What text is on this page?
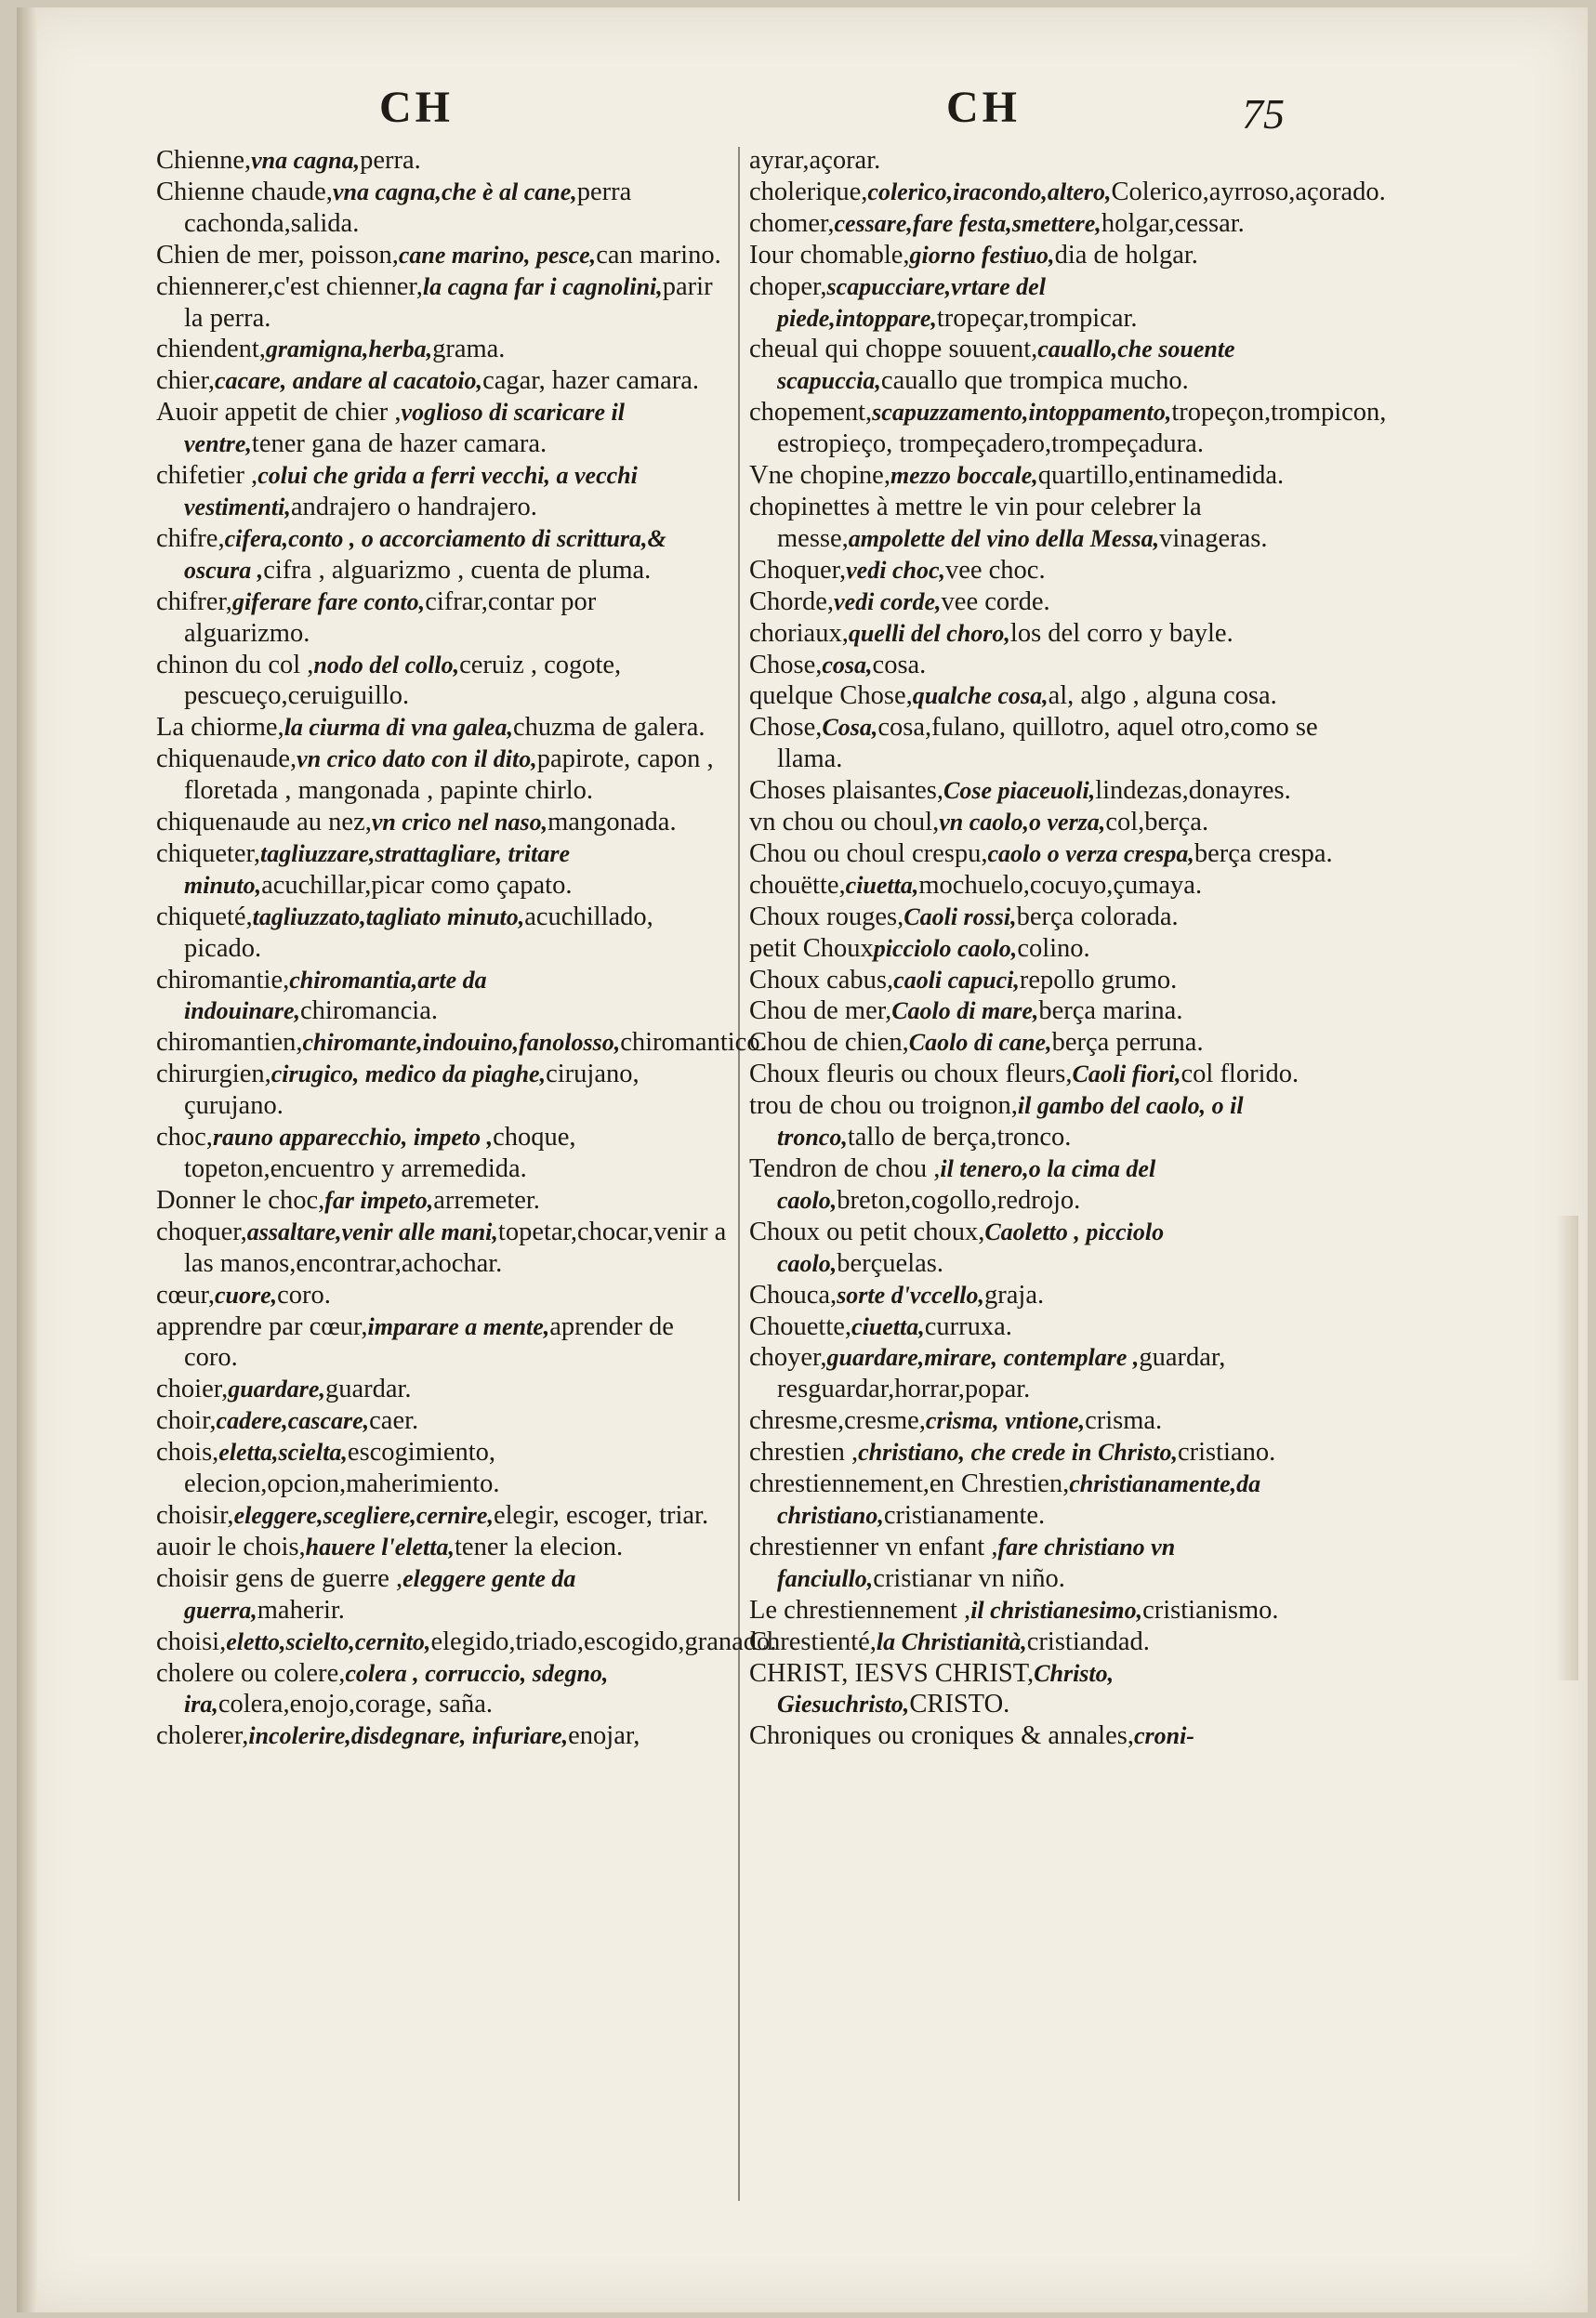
CH	CH	75
Chienne,vna cagna,perra.
Chienne chaude,vna cagna,che è al cane,perra cachonda,salida.
Chien de mer, poisson,cane marino, pesce,can marino.
chiennerer,c'est chienner,la cagna far i cagnolini,parir la perra.
chiendent,gramigna,herba,grama.
chier,cacare, andare al cacatoio,cagar, hazer camara.
Auoir appetit de chier ,voglioso di scaricare il ventre,tener gana de hazer camara.
chifetier ,colui che grida a ferri vecchi, a vecchi vestimenti,andrajero o handrajero.
chifre,cifera,conto , o accorciamento di scrittura,& oscura ,cifra , alguarizmo , cuenta de pluma.
chifrer,giferare fare conto,cifrar,contar por alguarizmo.
chinon du col ,nodo del collo,ceruiz , cogote, pescueço,ceruiguillo.
La chiorme,la ciurma di vna galea,chuzma de galera.
chiquenaude,vn crico dato con il dito,papirote, capon , floretada , mangonada , papinte chirlo.
chiquenaude au nez,vn crico nel naso,mangonada.
chiqueter,tagliuzzare,strattagliare, tritare minuto,acuchillar,picar como çapato.
chiqueté,tagliuzzato,tagliato minuto,acuchillado, picado.
chiromantie,chiromantia,arte da indouinare,chiromancia.
chiromantien,chiromante,indouino,fanolosso,chiromantico.
chirurgien,cirugico, medico da piaghe,cirujano, çurujano.
choc,rauno apparecchio, impeto ,choque, topeton,encuentro y arremedida.
Donner le choc,far impeto,arremeter.
choquer,assaltare,venir alle mani,topetar,chocar,venir a las manos,encontrar,achochar.
cœur,cuore,coro.
apprendre par cœur,imparare a mente,aprender de coro.
choier,guardare,guardar.
choir,cadere,cascare,caer.
chois,eletta,scielta,escogimiento, elecion,opcion,maherimiento.
choisir,eleggere,scegliere,cernire,elegir, escoger, triar.
auoir le chois,hauere l'eletta,tener la elecion.
choisir gens de guerre ,eleggere gente da guerra,maherir.
choisi,eletto,scielto,cernito,elegido,triado,escogido,granado.
cholere ou colere,colera , corruccio, sdegno, ira,colera,enojo,corage, saña.
cholerer,incolerire,disdegnare, infuriare,enojar,
ayrar,açorar.
cholerique,colerico,iracondo,altero,Colerico,ayrroso,açorado.
chomer,cessare,fare festa,smettere,holgar,cessar.
Iour chomable,giorno festiuo,dia de holgar.
choper,scapucciare,vrtare del piede,intoppare,tropeçar,trompicar.
cheual qui choppe souuent,cauallo,che souente scapuccia,cauallo que trompica mucho.
chopement,scapuzzamento,intoppamento,tropeçon,trompicon, estropieço, trompeçadero,trompeçadura.
Vne chopine,mezzo boccale,quartillo,entinamedida.
chopinettes à mettre le vin pour celebrer la messe,ampolette del vino della Messa,vinageras.
Choquer,vedi choc,vee choc.
Chorde,vedi corde,vee corde.
choriaux,quelli del choro,los del corro y bayle.
Chose,cosa,cosa.
quelque Chose,qualche cosa,al, algo , alguna cosa.
Chose,Cosa,cosa,fulano, quillotro, aquel otro,como se llama.
Choses plaisantes,Cose piaceuoli,lindezas,donayres.
vn chou ou choul,vn caolo,o verza,col,berça.
Chou ou choul crespu,caolo o verza crespa,berça crespa.
chouëtte,ciuetta,mochuelo,cocuyo,çumaya.
Choux rouges,Caoli rossi,berça colorada.
petit Chouxpicciolo caolo,colino.
Choux cabus,caoli capuci,repollo grumo.
Chou de mer,Caolo di mare,berça marina.
Chou de chien,Caolo di cane,berça perruna.
Choux fleuris ou choux fleurs,Caoli fiori,col florido.
trou de chou ou troignon,il gambo del caolo, o il tronco,tallo de berça,tronco.
Tendron de chou ,il tenero,o la cima del caolo,breton,cogollo,redrojo.
Choux ou petit choux,Caoletto , picciolo caolo,berçuelas.
Chouca,sorte d'vccello,graja.
Chouette,ciuetta,curruxa.
choyer,guardare,mirare, contemplare ,guardar, resguardar,horrar,popar.
chresme,cresme,crisma, vntione,crisma.
chrestien ,christiano, che crede in Christo,cristiano.
chrestiennement,en Chrestien,christianamente,da christiano,cristianamente.
chrestienner vn enfant ,fare christiano vn fanciullo,cristianar vn niño.
Le chrestiennement ,il christianesimo,cristianismo.
Chrestienté,la Christianità,cristiandad.
CHRIST, IESVS CHRIST,Christo, Giesuchristo,CRISTO.
Chroniques ou croniques & annales,croni-
